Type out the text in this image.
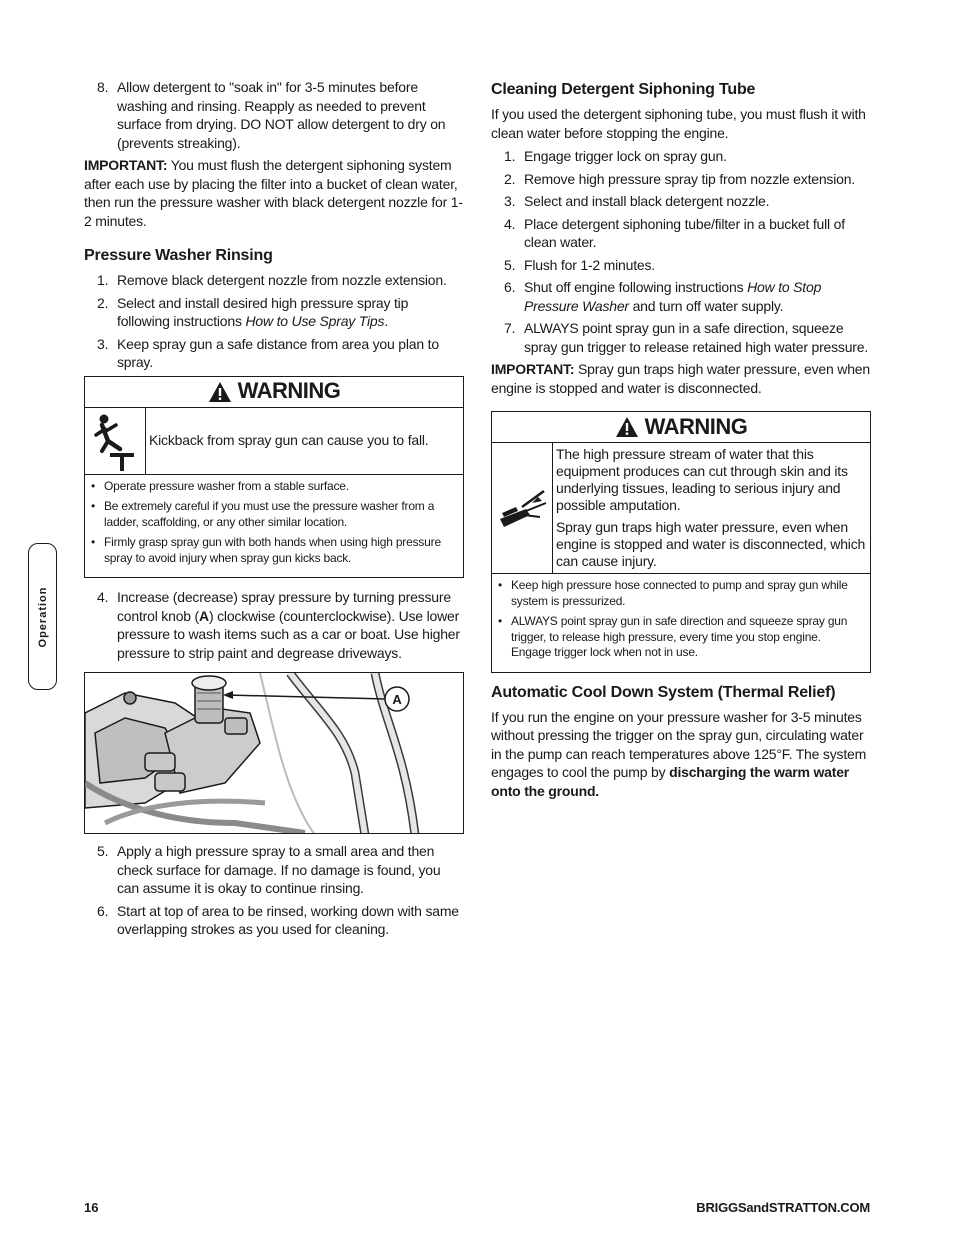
Operation
8. Allow detergent to "soak in" for 3-5 minutes before washing and rinsing. Reapply as needed to prevent surface from drying. DO NOT allow detergent to dry on (prevents streaking).

IMPORTANT: You must flush the detergent siphoning system after each use by placing the filter into a bucket of clean water, then run the pressure washer with black detergent nozzle for 1-2 minutes.

Pressure Washer Rinsing
1. Remove black detergent nozzle from nozzle extension.
2. Select and install desired high pressure spray tip following instructions How to Use Spray Tips.
3. Keep spray gun a safe distance from area you plan to spray.
WARNING
Kickback from spray gun can cause you to fall.
• Operate pressure washer from a stable surface.
• Be extremely careful if you must use the pressure washer from a ladder, scaffolding, or any other similar location.
• Firmly grasp spray gun with both hands when using high pressure spray to avoid injury when spray gun kicks back.
4. Increase (decrease) spray pressure by turning pressure control knob (A) clockwise (counterclockwise). Use lower pressure to wash items such as a car or boat. Use higher pressure to strip paint and degrease driveways.
A
5. Apply a high pressure spray to a small area and then check surface for damage. If no damage is found, you can assume it is okay to continue rinsing.
6. Start at top of area to be rinsed, working down with same overlapping strokes as you used for cleaning.
Cleaning Detergent Siphoning Tube

If you used the detergent siphoning tube, you must flush it with clean water before stopping the engine.

1. Engage trigger lock on spray gun.
2. Remove high pressure spray tip from nozzle extension.
3. Select and install black detergent nozzle.
4. Place detergent siphoning tube/filter in a bucket full of clean water.
5. Flush for 1-2 minutes.
6. Shut off engine following instructions How to Stop Pressure Washer and turn off water supply.
7. ALWAYS point spray gun in a safe direction, squeeze spray gun trigger to release retained high water pressure.

IMPORTANT: Spray gun traps high water pressure, even when engine is stopped and water is disconnected.

WARNING

The high pressure stream of water that this equipment produces can cut through skin and its underlying tissues, leading to serious injury and possible amputation.

Spray gun traps high water pressure, even when engine is stopped and water is disconnected, which can cause injury.

• Keep high pressure hose connected to pump and spray gun while system is pressurized.
• ALWAYS point spray gun in safe direction and squeeze spray gun trigger, to release high pressure, every time you stop engine. Engage trigger lock when not in use.
Automatic Cool Down System (Thermal Relief)

If you run the engine on your pressure washer for 3-5 minutes without pressing the trigger on the spray gun, circulating water in the pump can reach temperatures above 125°F. The system engages to cool the pump by discharging the warm water onto the ground.

16	BRIGGSandSTRATTON.COM
